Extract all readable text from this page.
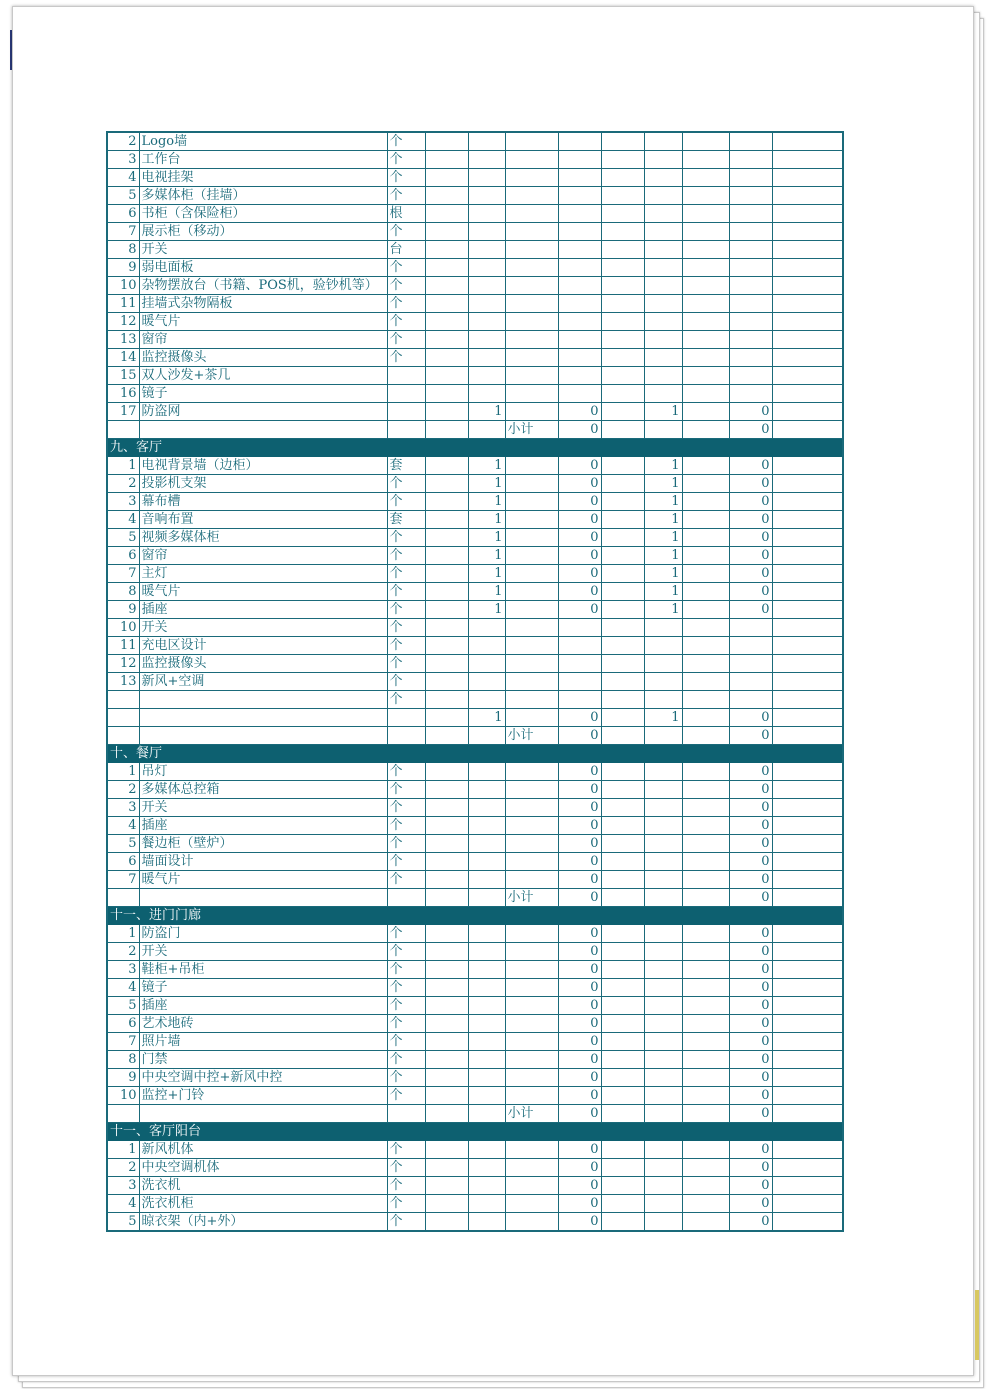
2	Logo墙	个									
3	工作台	个									
4	电视挂架	个									
5	多媒体柜（挂墙）	个									
6	书柜（含保险柜）	根									
7	展示柜（移动）	个									
8	开关	台									
9	弱电面板	个									
10	杂物摆放台（书籍、POS机，验钞机等）	个									
11	挂墙式杂物隔板	个									
12	暖气片	个									
13	窗帘	个									
14	监控摄像头	个									
15	双人沙发+茶几										
16	镜子										
17	防盗网			1		0		1		0	
					小计	0				0	
九、客厅											
1	电视背景墙（边柜）	套		1		0		1		0	
2	投影机支架	个		1		0		1		0	
3	幕布槽	个		1		0		1		0	
4	音响布置	套		1		0		1		0	
5	视频多媒体柜	个		1		0		1		0	
6	窗帘	个		1		0		1		0	
7	主灯	个		1		0		1		0	
8	暖气片	个		1		0		1		0	
9	插座	个		1		0		1		0	
10	开关	个									
11	充电区设计	个									
12	监控摄像头	个									
13	新风+空调	个									
		个									
				1		0		1		0	
					小计	0				0	
十、餐厅											
1	吊灯	个				0				0	
2	多媒体总控箱	个				0				0	
3	开关	个				0				0	
4	插座	个				0				0	
5	餐边柜（壁炉）	个				0				0	
6	墙面设计	个				0				0	
7	暖气片	个				0				0	
					小计	0				0	
十一、进门门廊											
1	防盗门	个				0				0	
2	开关	个				0				0	
3	鞋柜+吊柜	个				0				0	
4	镜子	个				0				0	
5	插座	个				0				0	
6	艺术地砖	个				0				0	
7	照片墙	个				0				0	
8	门禁	个				0				0	
9	中央空调中控+新风中控	个				0				0	
10	监控+门铃	个				0				0	
					小计	0				0	
十一、客厅阳台											
1	新风机体	个				0				0	
2	中央空调机体	个				0				0	
3	洗衣机	个				0				0	
4	洗衣机柜	个				0				0	
5	晾衣架（内+外）	个				0				0	
